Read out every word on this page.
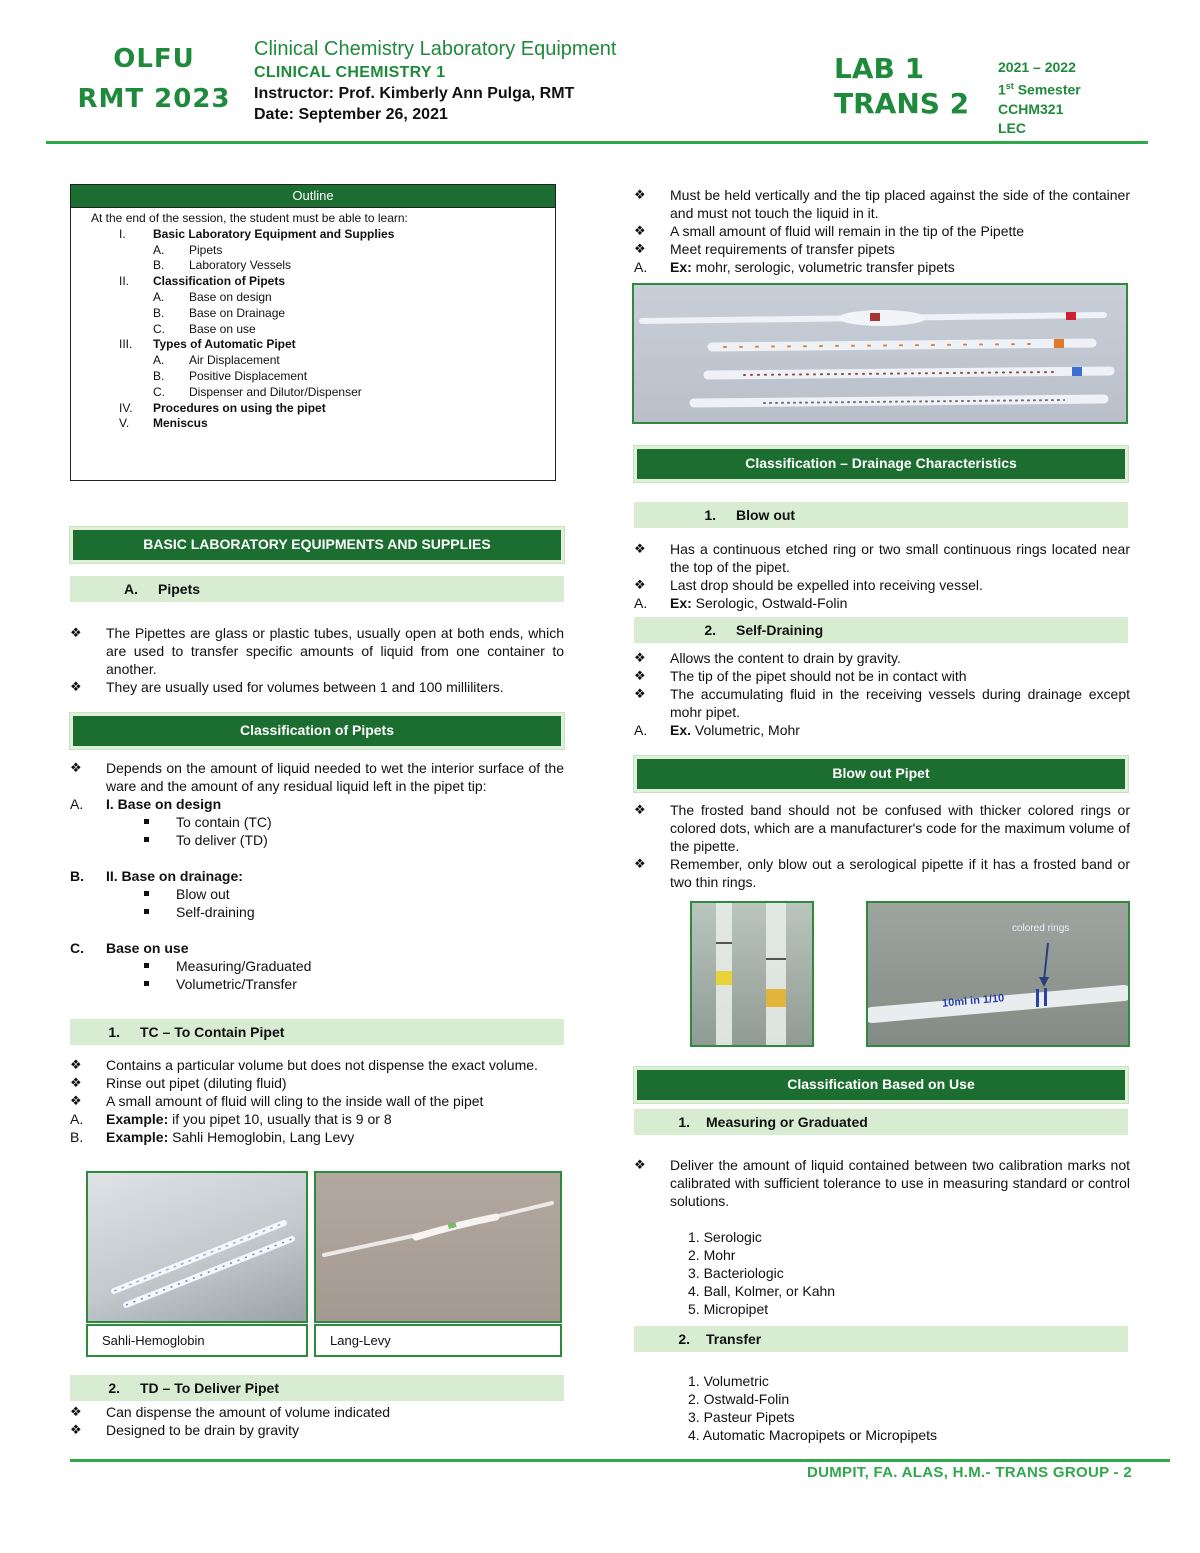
OLFU
RMT 2023
Clinical Chemistry Laboratory Equipment
CLINICAL CHEMISTRY 1
Instructor: Prof. Kimberly Ann Pulga, RMT
Date: September 26, 2021
LAB 1
TRANS 2
2021 – 2022
1st Semester
CCHM321
LEC
Outline
At the end of the session, the student must be able to learn:
I. Basic Laboratory Equipment and Supplies
A. Pipets
B. Laboratory Vessels
II. Classification of Pipets
A. Base on design
B. Base on Drainage
C. Base on use
III. Types of Automatic Pipet
A. Air Displacement
B. Positive Displacement
C. Dispenser and Dilutor/Dispenser
IV. Procedures on using the pipet
V. Meniscus
BASIC LABORATORY EQUIPMENTS AND SUPPLIES
A. Pipets
❖ The Pipettes are glass or plastic tubes, usually open at both ends, which are used to transfer specific amounts of liquid from one container to another.
❖ They are usually used for volumes between 1 and 100 milliliters.
Classification of Pipets
❖ Depends on the amount of liquid needed to wet the interior surface of the ware and the amount of any residual liquid left in the pipet tip:
A. I. Base on design
To contain (TC)
To deliver (TD)
B. II. Base on drainage:
Blow out
Self-draining
C. Base on use
Measuring/Graduated
Volumetric/Transfer
1. TC – To Contain Pipet
❖ Contains a particular volume but does not dispense the exact volume.
❖ Rinse out pipet (diluting fluid)
❖ A small amount of fluid will cling to the inside wall of the pipet
A. Example: if you pipet 10, usually that is 9 or 8
B. Example: Sahli Hemoglobin, Lang Levy
Sahli-Hemoglobin	Lang-Levy
2. TD – To Deliver Pipet
❖ Can dispense the amount of volume indicated
❖ Designed to be drain by gravity
❖ Must be held vertically and the tip placed against the side of the container and must not touch the liquid in it.
❖ A small amount of fluid will remain in the tip of the Pipette
❖ Meet requirements of transfer pipets
A. Ex: mohr, serologic, volumetric transfer pipets
Classification – Drainage Characteristics
1. Blow out
❖ Has a continuous etched ring or two small continuous rings located near the top of the pipet.
❖ Last drop should be expelled into receiving vessel.
A. Ex: Serologic, Ostwald-Folin
2. Self-Draining
❖ Allows the content to drain by gravity.
❖ The tip of the pipet should not be in contact with
❖ The accumulating fluid in the receiving vessels during drainage except mohr pipet.
A. Ex. Volumetric, Mohr
Blow out Pipet
❖ The frosted band should not be confused with thicker colored rings or colored dots, which are a manufacturer's code for the maximum volume of the pipette.
❖ Remember, only blow out a serological pipette if it has a frosted band or two thin rings.
colored rings
10ml in 1/10
Classification Based on Use
1. Measuring or Graduated
❖ Deliver the amount of liquid contained between two calibration marks not calibrated with sufficient tolerance to use in measuring standard or control solutions.
1. Serologic
2. Mohr
3. Bacteriologic
4. Ball, Kolmer, or Kahn
5. Micropipet
2. Transfer
1. Volumetric
2. Ostwald-Folin
3. Pasteur Pipets
4. Automatic Macropipets or Micropipets
DUMPIT, FA. ALAS, H.M.- TRANS GROUP - 2
